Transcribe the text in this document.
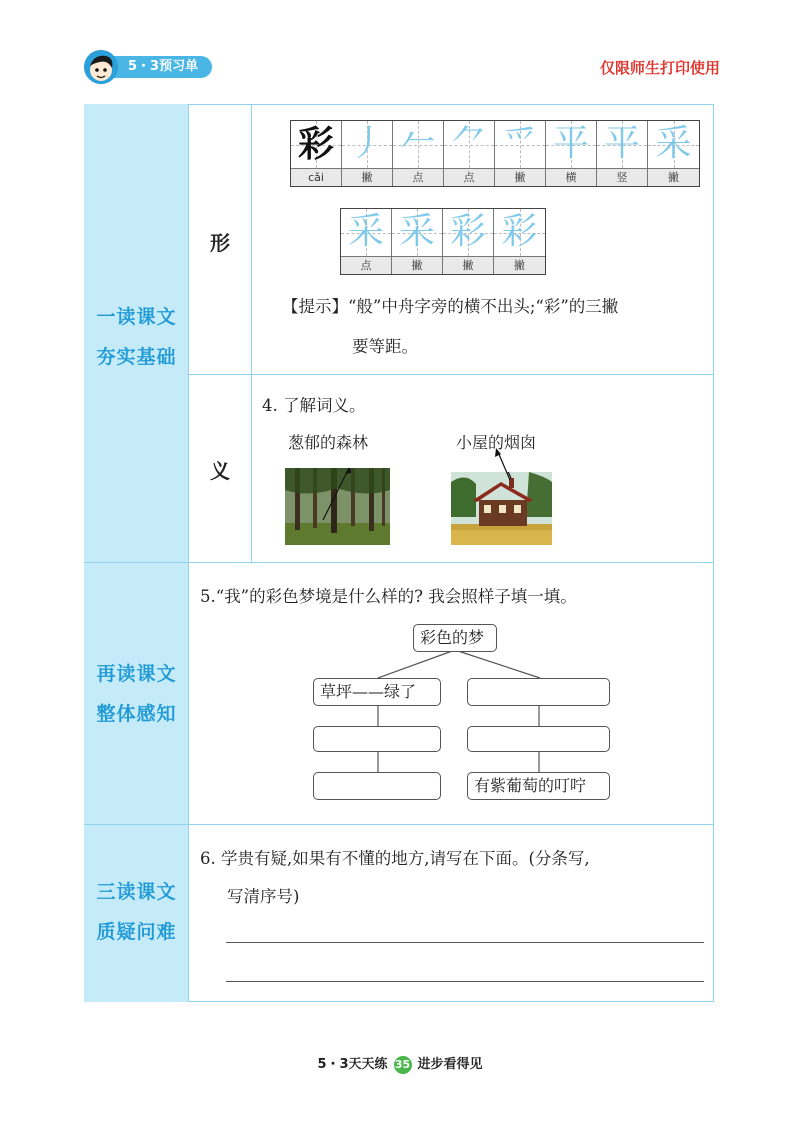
5・3预习单	仅限师生打印使用
一读课文
夯实基础
再读课文
整体感知
三读课文
质疑问难
形
义
彩
cǎi
丿
撇
𠂉
点
⺈
点
爫
撇
平
横
平
竖
采
撇
采
点
采
撇
彩
撇
彩
撇
【提示】“般”中舟字旁的横不出头;“彩”的三撇
要等距。
4. 了解词义。
葱郁的森林	小屋的烟囱
5.“我”的彩色梦境是什么样的? 我会照样子填一填。
彩色的梦
草坪——绿了
有紫葡萄的叮咛
6. 学贵有疑,如果有不懂的地方,请写在下面。(分条写,
写清序号)
5・3天天练 35 进步看得见
